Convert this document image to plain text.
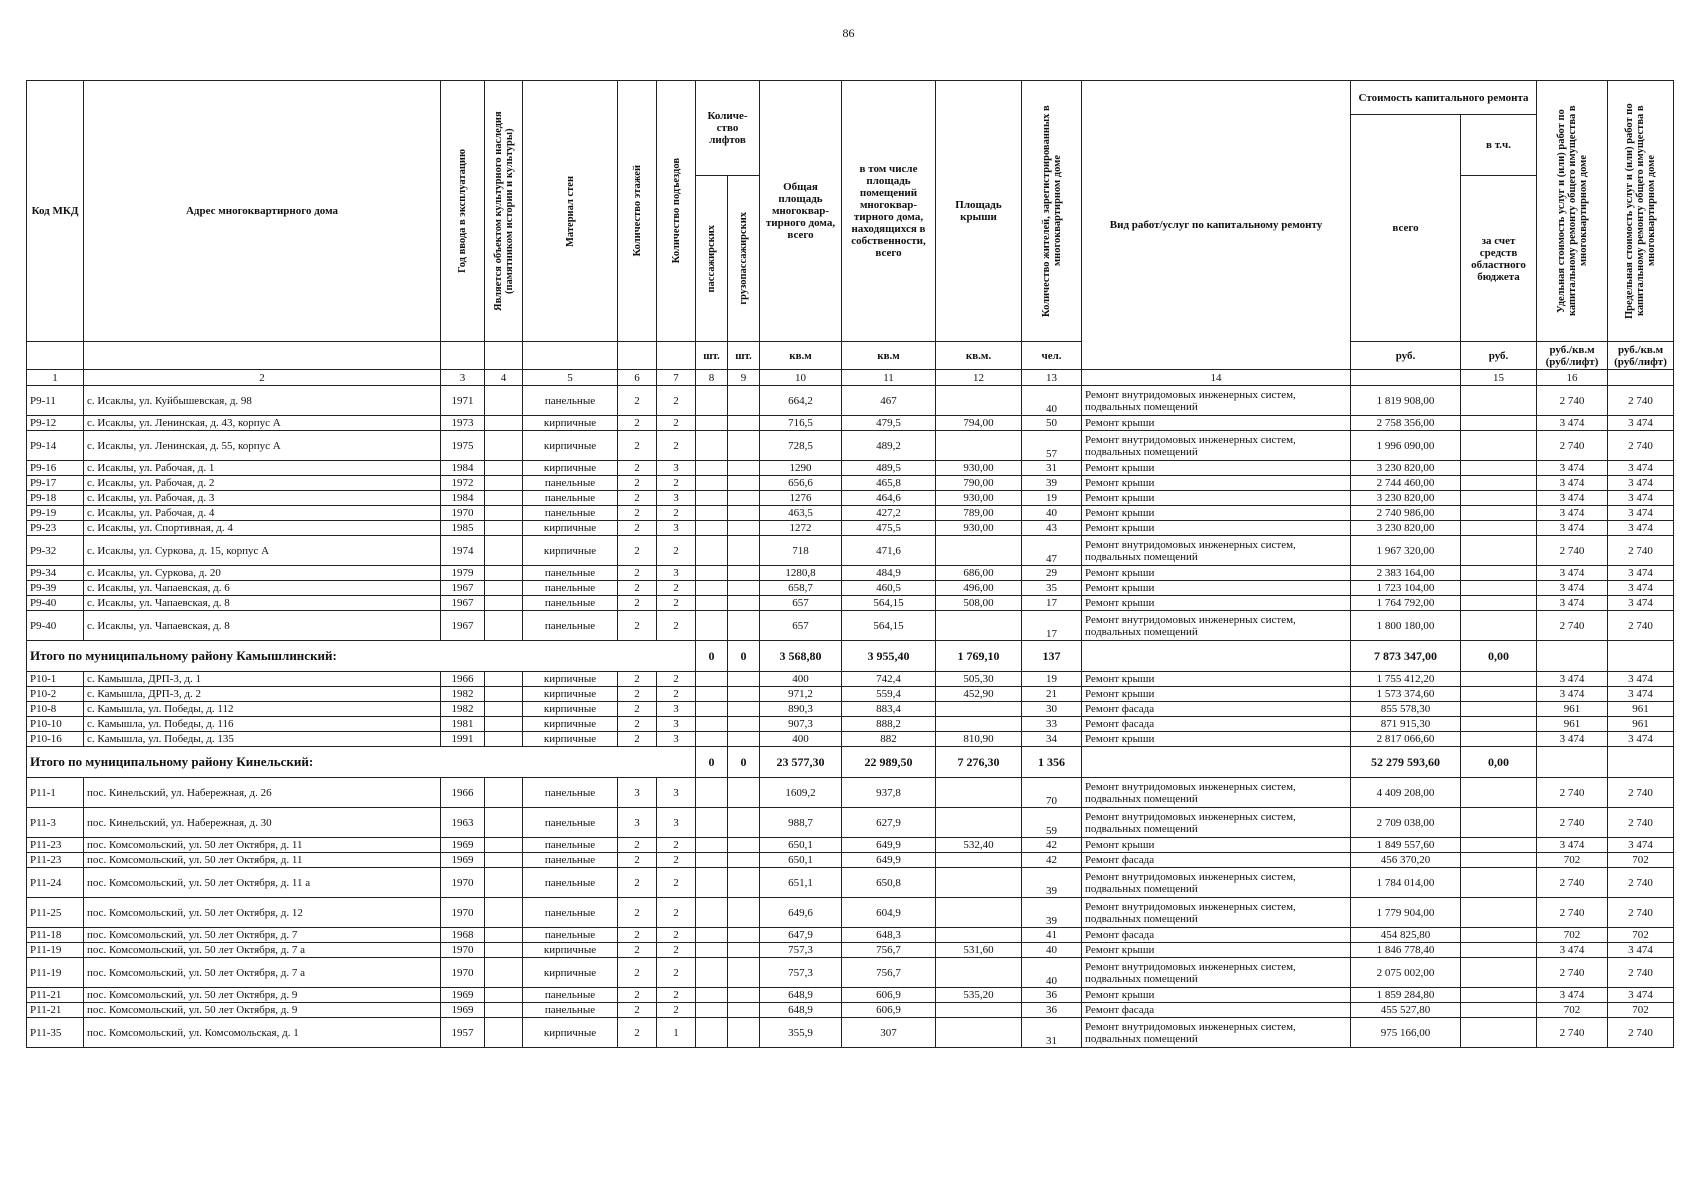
86
Код МКД	Адрес многоквартирного дома	Год ввода в эксплуатацию	Является объектом культурного наследия (памятником истории и культуры)	Материал стен	Количество этажей	Количество подъездов	Количе-ство лифтов		Общая площадь многоквар-тирного дома, всего	в том числе площадь помещений многоквар-тирного дома, находящихся в собственности, всего	Площадь крыши	Количество жителей, зарегистрированных в многоквартирном доме	Вид работ/услуг по капитальному ремонту	Стоимость капитального ремонта		Удельная стоимость услуг и (или) работ по капитальному ремонту общего имущества в многоквартирном доме	Предельная стоимость услуг и (или) работ по капитальному ремонту общего имущества в многоквартирном доме

														всего	в т.ч.		

							пассажирских	грузопассажирских							за счет средств областного бюджета		
							шт.	шт.	кв.м	кв.м	кв.м.	чел.		руб.	руб.	руб./кв.м (руб/лифт)	руб./кв.м (руб/лифт)
1	2	3	4	5	6	7	8	9	10	11	12	13	14		15	16	
Р9-11	с. Исаклы, ул. Куйбышевская, д. 98	1971		панельные	2	2			664,2	467		40	Ремонт внутридомовых инженерных систем, подвальных помещений	1 819 908,00		2 740	2 740
Р9-12	с. Исаклы, ул. Ленинская, д. 43, корпус А	1973		кирпичные	2	2			716,5	479,5	794,00	50	Ремонт крыши	2 758 356,00		3 474	3 474
Р9-14	с. Исаклы, ул. Ленинская, д. 55, корпус А	1975		кирпичные	2	2			728,5	489,2		57	Ремонт внутридомовых инженерных систем, подвальных помещений	1 996 090,00		2 740	2 740
Р9-16	с. Исаклы, ул. Рабочая, д. 1	1984		кирпичные	2	3			1290	489,5	930,00	31	Ремонт крыши	3 230 820,00		3 474	3 474
Р9-17	с. Исаклы, ул. Рабочая, д. 2	1972		панельные	2	2			656,6	465,8	790,00	39	Ремонт крыши	2 744 460,00		3 474	3 474
Р9-18	с. Исаклы, ул. Рабочая, д. 3	1984		панельные	2	3			1276	464,6	930,00	19	Ремонт крыши	3 230 820,00		3 474	3 474
Р9-19	с. Исаклы, ул. Рабочая, д. 4	1970		панельные	2	2			463,5	427,2	789,00	40	Ремонт крыши	2 740 986,00		3 474	3 474
Р9-23	с. Исаклы, ул. Спортивная, д. 4	1985		кирпичные	2	3			1272	475,5	930,00	43	Ремонт крыши	3 230 820,00		3 474	3 474
Р9-32	с. Исаклы, ул. Суркова, д. 15, корпус А	1974		кирпичные	2	2			718	471,6		47	Ремонт внутридомовых инженерных систем, подвальных помещений	1 967 320,00		2 740	2 740
Р9-34	с. Исаклы, ул. Суркова, д. 20	1979		панельные	2	3			1280,8	484,9	686,00	29	Ремонт крыши	2 383 164,00		3 474	3 474
Р9-39	с. Исаклы, ул. Чапаевская, д. 6	1967		панельные	2	2			658,7	460,5	496,00	35	Ремонт крыши	1 723 104,00		3 474	3 474
Р9-40	с. Исаклы, ул. Чапаевская, д. 8	1967		панельные	2	2			657	564,15	508,00	17	Ремонт крыши	1 764 792,00		3 474	3 474
Р9-40	с. Исаклы, ул. Чапаевская, д. 8	1967		панельные	2	2			657	564,15		17	Ремонт внутридомовых инженерных систем, подвальных помещений	1 800 180,00		2 740	2 740
Итого по муниципальному району Камышлинский:							0	0	3 568,80	3 955,40	1 769,10	137		7 873 347,00	0,00		
Р10-1	с. Камышла, ДРП-3, д. 1	1966		кирпичные	2	2			400	742,4	505,30	19	Ремонт крыши	1 755 412,20		3 474	3 474
Р10-2	с. Камышла, ДРП-3, д. 2	1982		кирпичные	2	2			971,2	559,4	452,90	21	Ремонт крыши	1 573 374,60		3 474	3 474
Р10-8	с. Камышла, ул. Победы, д. 112	1982		кирпичные	2	3			890,3	883,4		30	Ремонт фасада	855 578,30		961	961
Р10-10	с. Камышла, ул. Победы, д. 116	1981		кирпичные	2	3			907,3	888,2		33	Ремонт фасада	871 915,30		961	961
Р10-16	с. Камышла, ул. Победы, д. 135	1991		кирпичные	2	3			400	882	810,90	34	Ремонт крыши	2 817 066,60		3 474	3 474
Итого по муниципальному району Кинельский:							0	0	23 577,30	22 989,50	7 276,30	1 356		52 279 593,60	0,00		
Р11-1	пос. Кинельский, ул. Набережная, д. 26	1966		панельные	3	3			1609,2	937,8		70	Ремонт внутридомовых инженерных систем, подвальных помещений	4 409 208,00		2 740	2 740
Р11-3	пос. Кинельский, ул. Набережная, д. 30	1963		панельные	3	3			988,7	627,9		59	Ремонт внутридомовых инженерных систем, подвальных помещений	2 709 038,00		2 740	2 740
Р11-23	пос. Комсомольский, ул. 50 лет Октября, д. 11	1969		панельные	2	2			650,1	649,9	532,40	42	Ремонт крыши	1 849 557,60		3 474	3 474
Р11-23	пос. Комсомольский, ул. 50 лет Октября, д. 11	1969		панельные	2	2			650,1	649,9		42	Ремонт фасада	456 370,20		702	702
Р11-24	пос. Комсомольский, ул. 50 лет Октября, д. 11 а	1970		панельные	2	2			651,1	650,8		39	Ремонт внутридомовых инженерных систем, подвальных помещений	1 784 014,00		2 740	2 740
Р11-25	пос. Комсомольский, ул. 50 лет Октября, д. 12	1970		панельные	2	2			649,6	604,9		39	Ремонт внутридомовых инженерных систем, подвальных помещений	1 779 904,00		2 740	2 740
Р11-18	пос. Комсомольский, ул. 50 лет Октября, д. 7	1968		панельные	2	2			647,9	648,3		41	Ремонт фасада	454 825,80		702	702
Р11-19	пос. Комсомольский, ул. 50 лет Октября, д. 7 а	1970		кирпичные	2	2			757,3	756,7	531,60	40	Ремонт крыши	1 846 778,40		3 474	3 474
Р11-19	пос. Комсомольский, ул. 50 лет Октября, д. 7 а	1970		кирпичные	2	2			757,3	756,7		40	Ремонт внутридомовых инженерных систем, подвальных помещений	2 075 002,00		2 740	2 740
Р11-21	пос. Комсомольский, ул. 50 лет Октября, д. 9	1969		панельные	2	2			648,9	606,9	535,20	36	Ремонт крыши	1 859 284,80		3 474	3 474
Р11-21	пос. Комсомольский, ул. 50 лет Октября, д. 9	1969		панельные	2	2			648,9	606,9		36	Ремонт фасада	455 527,80		702	702
Р11-35	пос. Комсомольский, ул. Комсомольская, д. 1	1957		кирпичные	2	1			355,9	307		31	Ремонт внутридомовых инженерных систем, подвальных помещений	975 166,00		2 740	2 740
